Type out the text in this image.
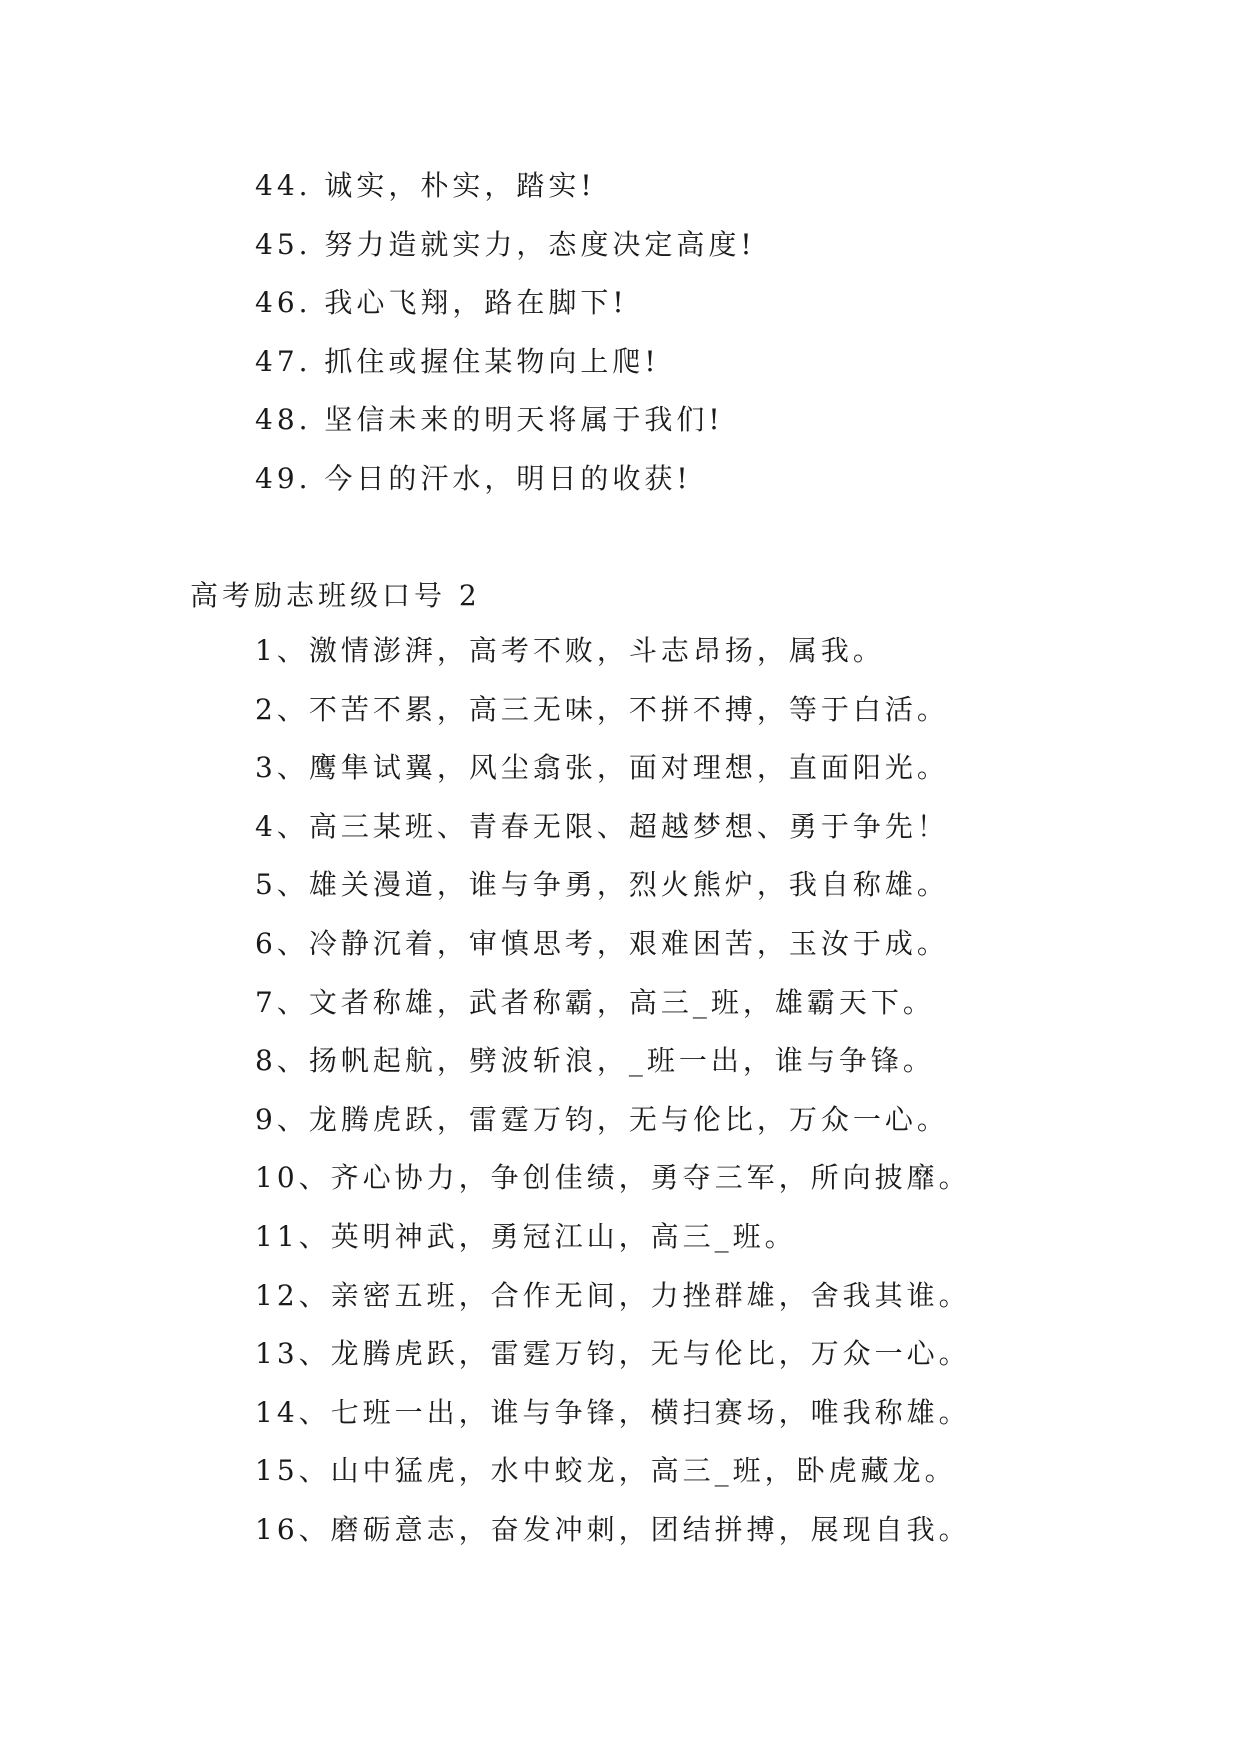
44. 诚实，朴实，踏实!
45. 努力造就实力，态度决定高度!
46. 我心飞翔，路在脚下!
47. 抓住或握住某物向上爬!
48. 坚信未来的明天将属于我们!
49. 今日的汗水，明日的收获!
高考励志班级口号 2
1、激情澎湃，高考不败，斗志昂扬，属我。
2、不苦不累，高三无味，不拼不搏，等于白活。
3、鹰隼试翼，风尘翕张，面对理想，直面阳光。
4、高三某班、青春无限、超越梦想、勇于争先！
5、雄关漫道，谁与争勇，烈火熊炉，我自称雄。
6、冷静沉着，审慎思考，艰难困苦，玉汝于成。
7、文者称雄，武者称霸，高三_班，雄霸天下。
8、扬帆起航，劈波斩浪，_班一出，谁与争锋。
9、龙腾虎跃，雷霆万钧，无与伦比，万众一心。
10、齐心协力，争创佳绩，勇夺三军，所向披靡。
11、英明神武，勇冠江山，高三_班。
12、亲密五班，合作无间，力挫群雄，舍我其谁。
13、龙腾虎跃，雷霆万钧，无与伦比，万众一心。
14、七班一出，谁与争锋，横扫赛场，唯我称雄。
15、山中猛虎，水中蛟龙，高三_班，卧虎藏龙。
16、磨砺意志，奋发冲刺，团结拼搏，展现自我。
